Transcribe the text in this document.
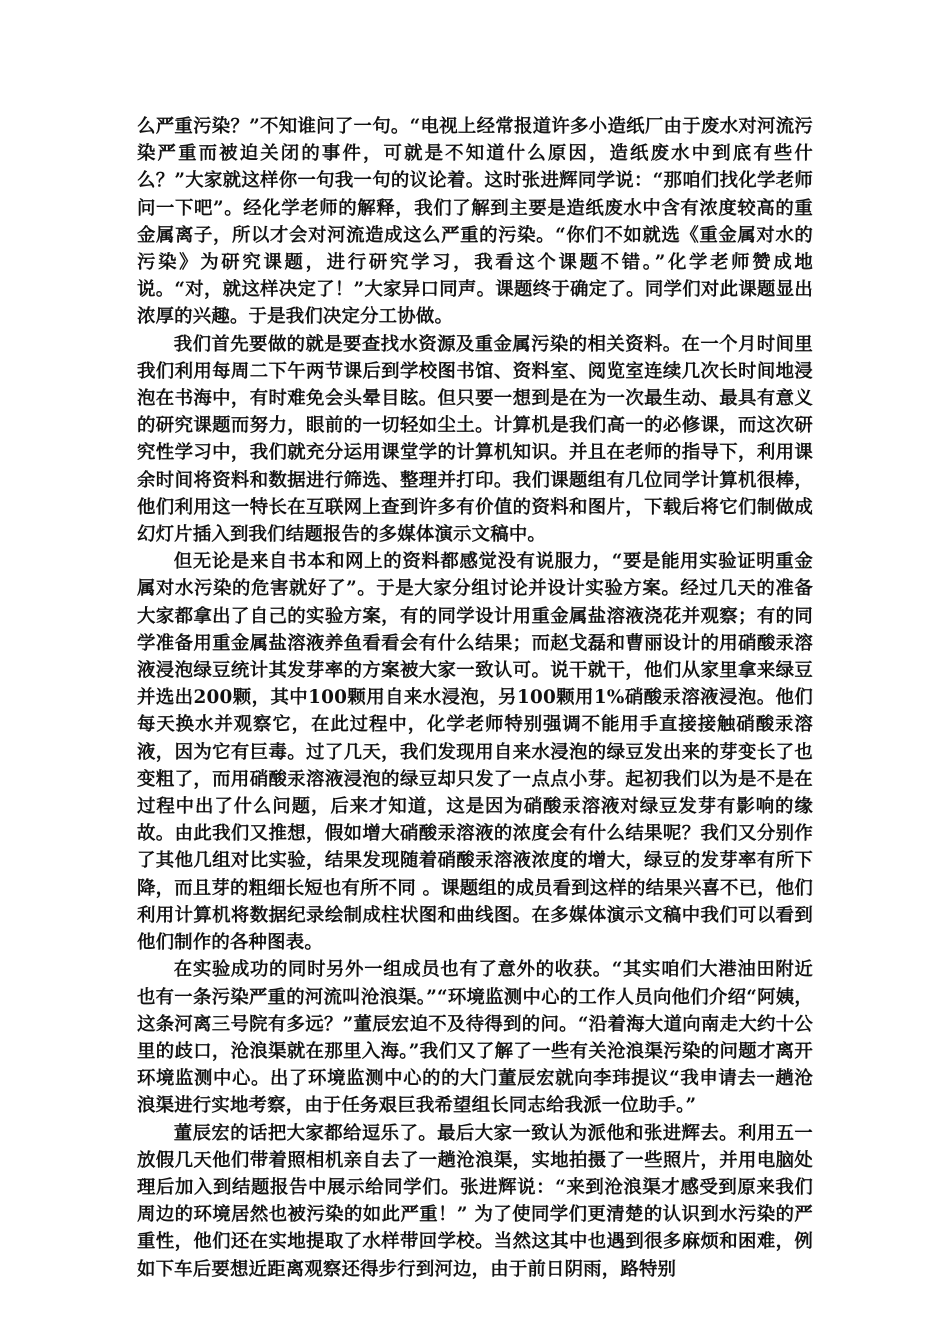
么严重污染？”不知谁问了一句。“电视上经常报道许多小造纸厂由于废水对河流污染严重而被迫关闭的事件，可就是不知道什么原因，造纸废水中到底有些什么？”大家就这样你一句我一句的议论着。这时张进辉同学说：“那咱们找化学老师问一下吧”。经化学老师的解释，我们了解到主要是造纸废水中含有浓度较高的重金属离子，所以才会对河流造成这么严重的污染。“你们不如就选《重金属对水的污染》为研究课题，进行研究学习，我看这个课题不错。”化学老师赞成地说。“对，就这样决定了！”大家异口同声。课题终于确定了。同学们对此课题显出浓厚的兴趣。于是我们决定分工协做。

我们首先要做的就是要查找水资源及重金属污染的相关资料。在一个月时间里我们利用每周二下午两节课后到学校图书馆、资料室、阅览室连续几次长时间地浸泡在书海中，有时难免会头晕目眩。但只要一想到是在为一次最生动、最具有意义的研究课题而努力，眼前的一切轻如尘土。计算机是我们高一的必修课，而这次研究性学习中，我们就充分运用课堂学的计算机知识。并且在老师的指导下，利用课余时间将资料和数据进行筛选、整理并打印。我们课题组有几位同学计算机很棒，他们利用这一特长在互联网上查到许多有价值的资料和图片，下载后将它们制做成幻灯片插入到我们结题报告的多媒体演示文稿中。

但无论是来自书本和网上的资料都感觉没有说服力，“要是能用实验证明重金属对水污染的危害就好了”。于是大家分组讨论并设计实验方案。经过几天的准备大家都拿出了自己的实验方案，有的同学设计用重金属盐溶液浇花并观察；有的同学准备用重金属盐溶液养鱼看看会有什么结果；而赵戈磊和曹丽设计的用硝酸汞溶液浸泡绿豆统计其发芽率的方案被大家一致认可。说干就干，他们从家里拿来绿豆并选出200颗，其中100颗用自来水浸泡，另100颗用1%硝酸汞溶液浸泡。他们每天换水并观察它，在此过程中，化学老师特别强调不能用手直接接触硝酸汞溶液，因为它有巨毒。过了几天，我们发现用自来水浸泡的绿豆发出来的芽变长了也变粗了，而用硝酸汞溶液浸泡的绿豆却只发了一点点小芽。起初我们以为是不是在过程中出了什么问题，后来才知道，这是因为硝酸汞溶液对绿豆发芽有影响的缘故。由此我们又推想，假如增大硝酸汞溶液的浓度会有什么结果呢？我们又分别作了其他几组对比实验，结果发现随着硝酸汞溶液浓度的增大，绿豆的发芽率有所下降，而且芽的粗细长短也有所不同 。课题组的成员看到这样的结果兴喜不已，他们利用计算机将数据纪录绘制成柱状图和曲线图。在多媒体演示文稿中我们可以看到他们制作的各种图表。

在实验成功的同时另外一组成员也有了意外的收获。“其实咱们大港油田附近也有一条污染严重的河流叫沧浪渠。”“环境监测中心的工作人员向他们介绍“阿姨，这条河离三号院有多远？”董辰宏迫不及待得到的问。“沿着海大道向南走大约十公里的歧口，沧浪渠就在那里入海。”我们又了解了一些有关沧浪渠污染的问题才离开环境监测中心。出了环境监测中心的的大门董辰宏就向李玮提议“我申请去一趟沧浪渠进行实地考察，由于任务艰巨我希望组长同志给我派一位助手。”

董辰宏的话把大家都给逗乐了。最后大家一致认为派他和张进辉去。利用五一放假几天他们带着照相机亲自去了一趟沧浪渠，实地拍摄了一些照片，并用电脑处理后加入到结题报告中展示给同学们。张进辉说：“来到沧浪渠才感受到原来我们周边的环境居然也被污染的如此严重！” 为了使同学们更清楚的认识到水污染的严重性，他们还在实地提取了水样带回学校。当然这其中也遇到很多麻烦和困难，例如下车后要想近距离观察还得步行到河边，由于前日阴雨，路特别
